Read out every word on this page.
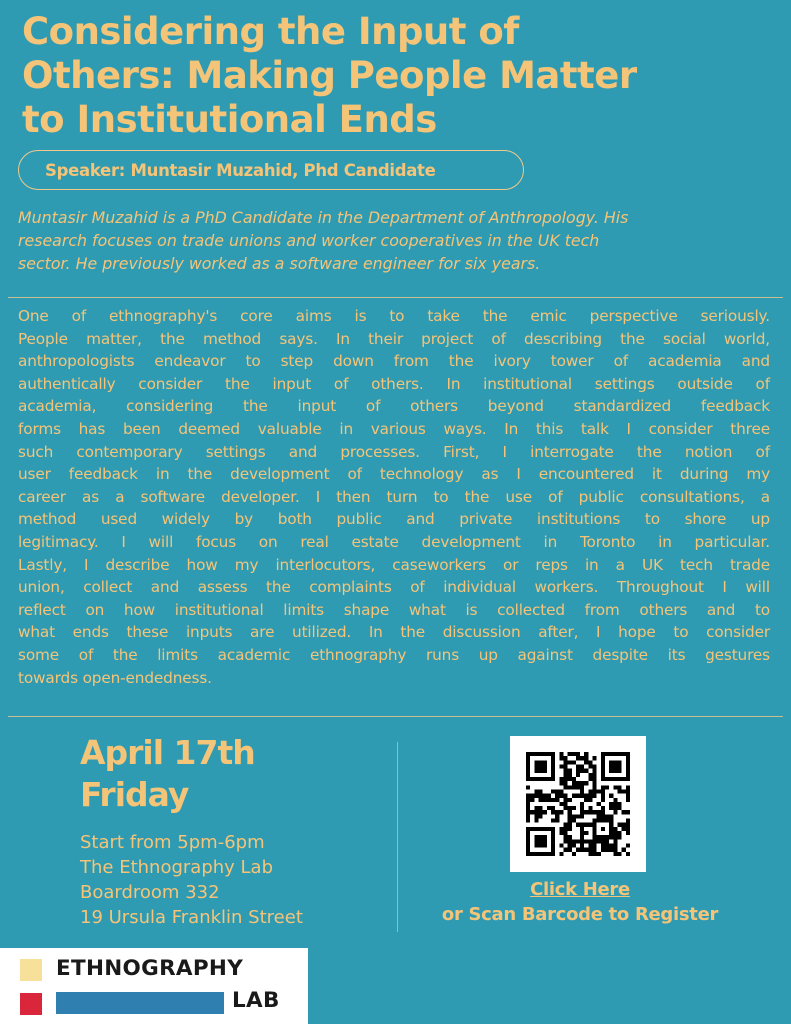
Considering the Input of
Others: Making People Matter
to Institutional Ends
Speaker: Muntasir Muzahid, Phd Candidate
Muntasir Muzahid is a PhD Candidate in the Department of Anthropology. His
research focuses on trade unions and worker cooperatives in the UK tech
sector. He previously worked as a software engineer for six years.
One of ethnography's core aims is to take the emic perspective seriously.
People matter, the method says. In their project of describing the social world,
anthropologists endeavor to step down from the ivory tower of academia and
authentically consider the input of others. In institutional settings outside of
academia, considering the input of others beyond standardized feedback
forms has been deemed valuable in various ways. In this talk I consider three
such contemporary settings and processes. First, I interrogate the notion of
user feedback in the development of technology as I encountered it during my
career as a software developer. I then turn to the use of public consultations, a
method used widely by both public and private institutions to shore up
legitimacy. I will focus on real estate development in Toronto in particular.
Lastly, I describe how my interlocutors, caseworkers or reps in a UK tech trade
union, collect and assess the complaints of individual workers. Throughout I will
reflect on how institutional limits shape what is collected from others and to
what ends these inputs are utilized. In the discussion after, I hope to consider
some of the limits academic ethnography runs up against despite its gestures
towards open-endedness.
April 17th
Friday
Start from 5pm-6pm
The Ethnography Lab
Boardroom 332
19 Ursula Franklin Street
Click Here
or Scan Barcode to Register
ETHNOGRAPHY
LAB
